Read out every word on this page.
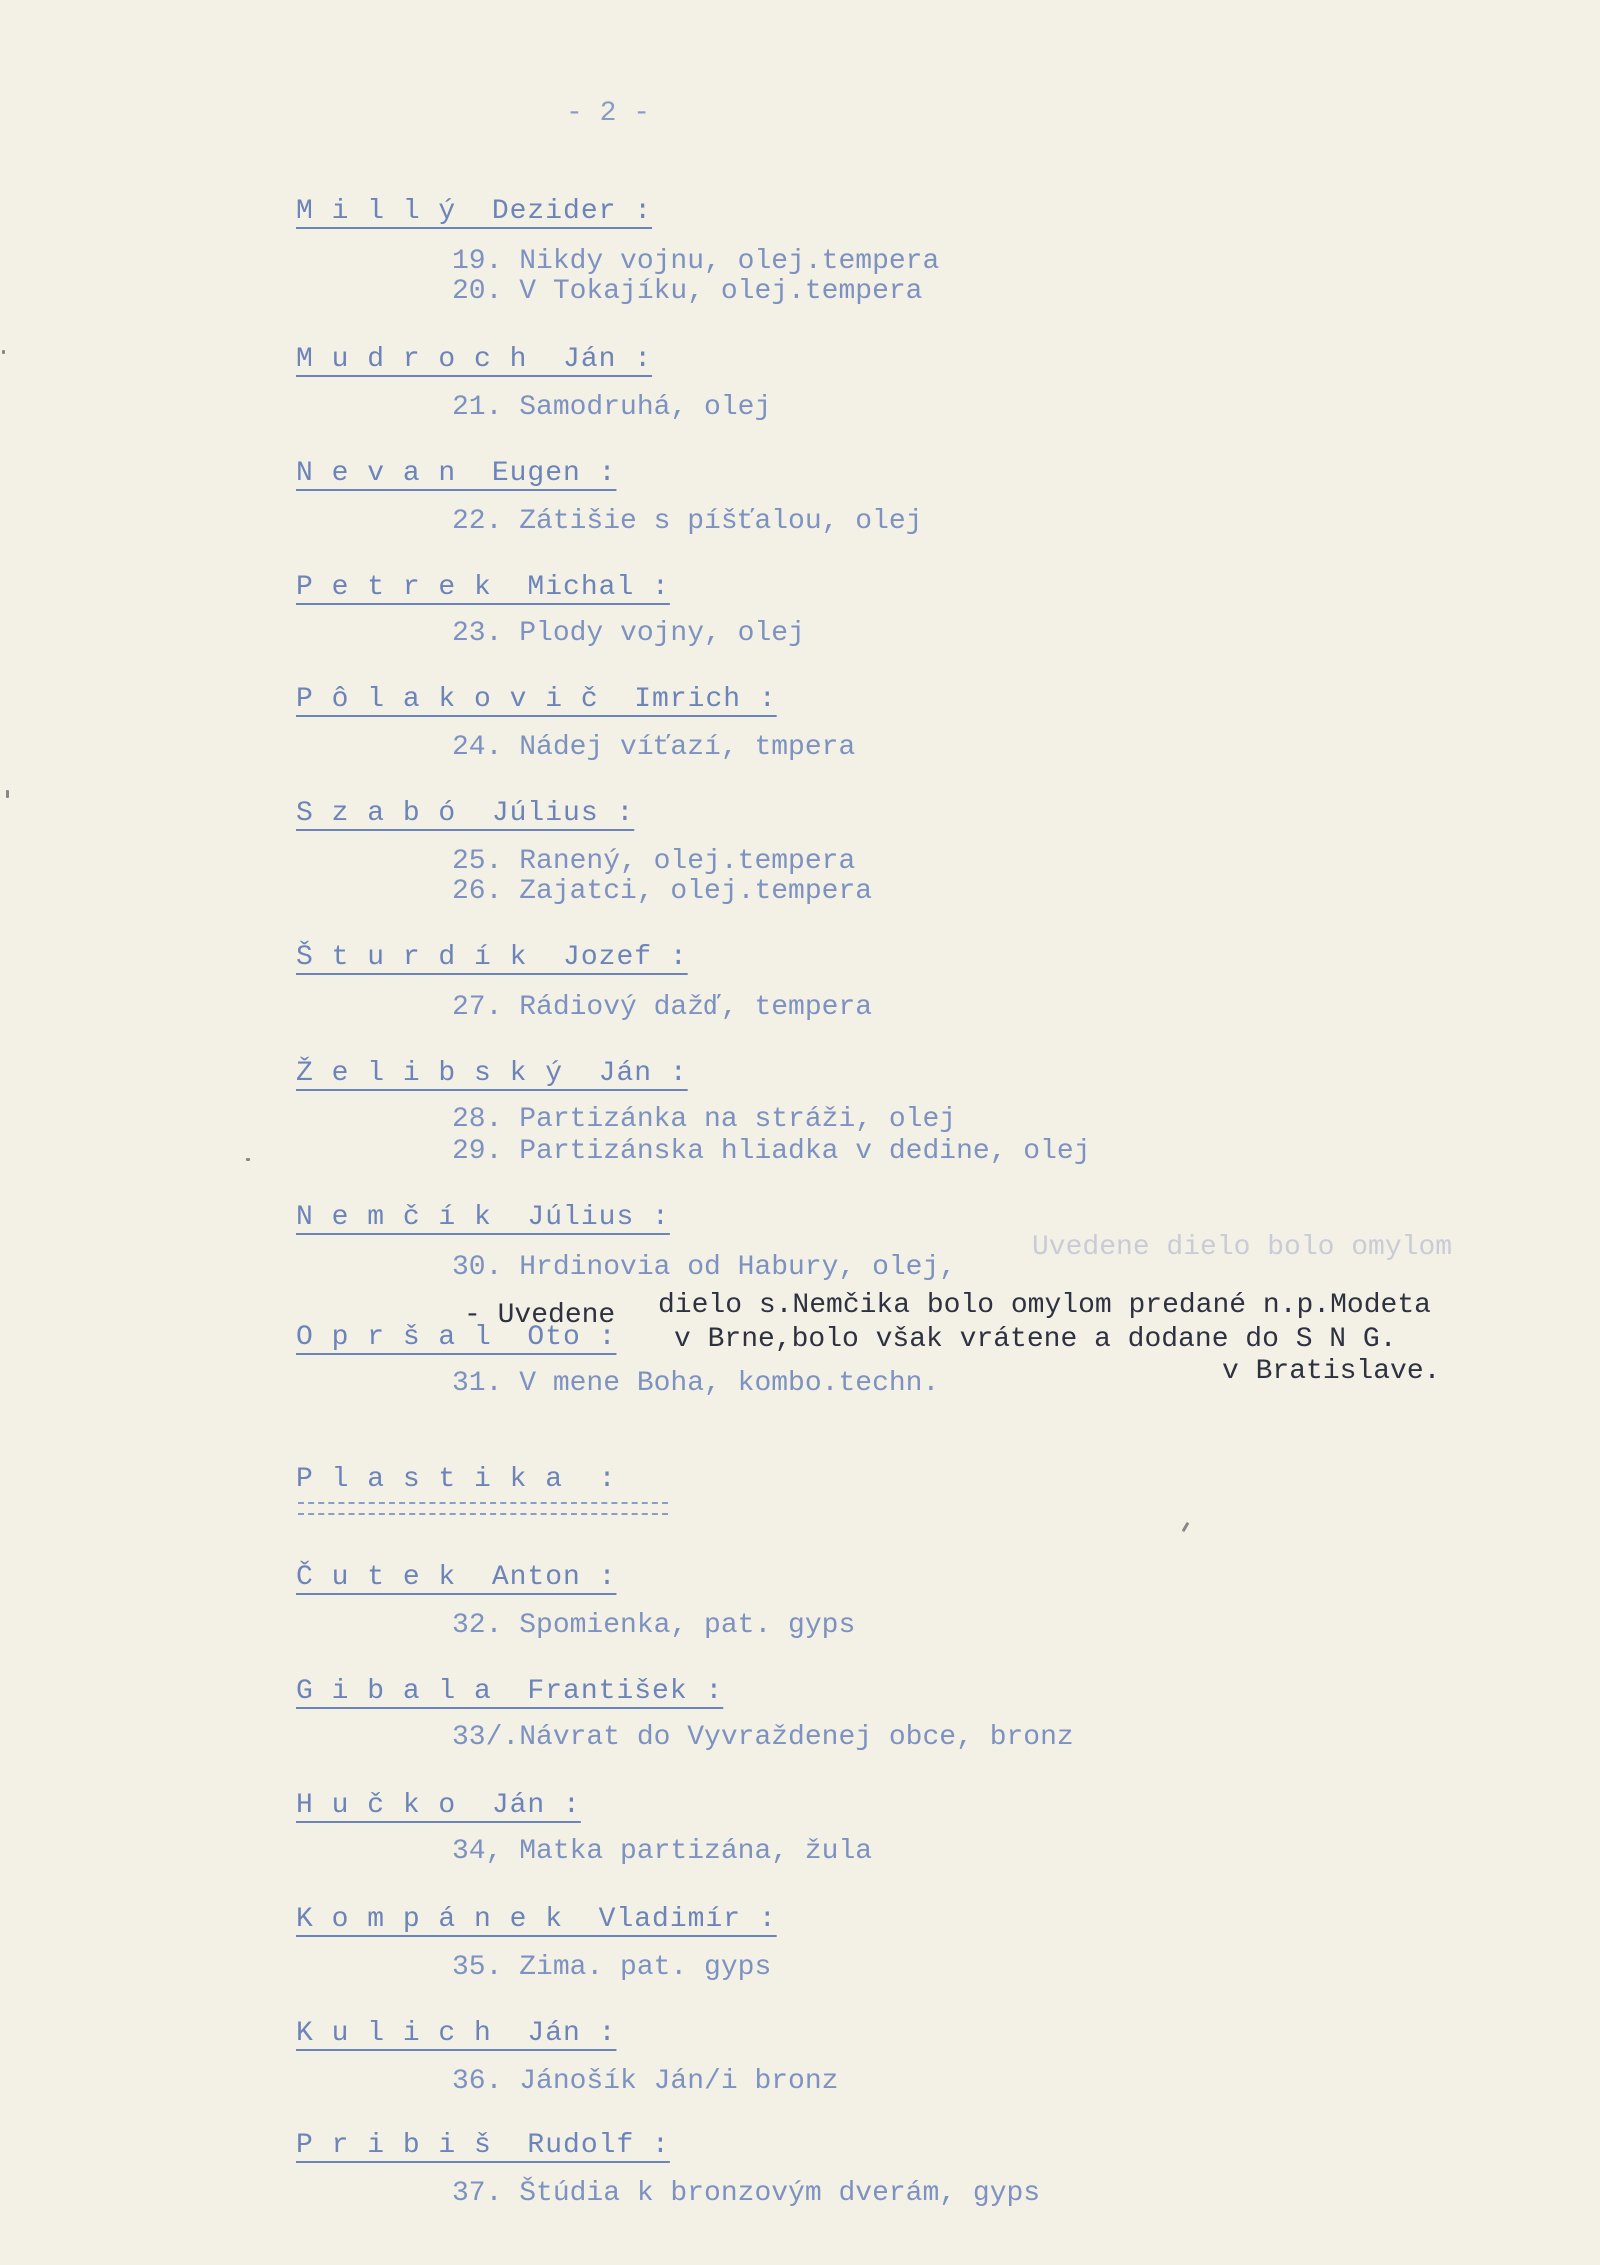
- 2 -
M i l l ý  Dezider :
19. Nikdy vojnu, olej.tempera
20. V Tokajíku, olej.tempera
M u d r o c h  Ján :
21. Samodruhá, olej
N e v a n  Eugen :
22. Zátišie s píšťalou, olej
P e t r e k  Michal :
23. Plody vojny, olej
P ô l a k o v i č  Imrich :
24. Nádej víťazí, tmpera
S z a b ó  Július :
25. Ranený, olej.tempera
26. Zajatci, olej.tempera
Š t u r d í k  Jozef :
27. Rádiový dažď, tempera
Ž e l i b s k ý  Ján :
28. Partizánka na stráži, olej
29. Partizánska hliadka v dedine, olej
N e m č í k  Július :
30. Hrdinovia od Habury, olej,
Uvedene dielo bolo omylom
dielo s.Nemčika bolo omylom predané n.p.Modeta
- Uvedene
v Brne,bolo však vrátene a dodane do S N G.
O p r š a l  Oto :
31. V mene Boha, kombo.techn.	v Bratislave.
P l a s t i k a  :
Č u t e k  Anton :
32. Spomienka, pat. gyps
G i b a l a  František :
33/.Návrat do Vyvraždenej obce, bronz
H u č k o  Ján :
34, Matka partizána, žula
K o m p á n e k  Vladimír :
35. Zima. pat. gyps
K u l i c h  Ján :
36. Jánošík Ján/i bronz
P r i b i š  Rudolf :
37. Štúdia k bronzovým dverám, gyps
